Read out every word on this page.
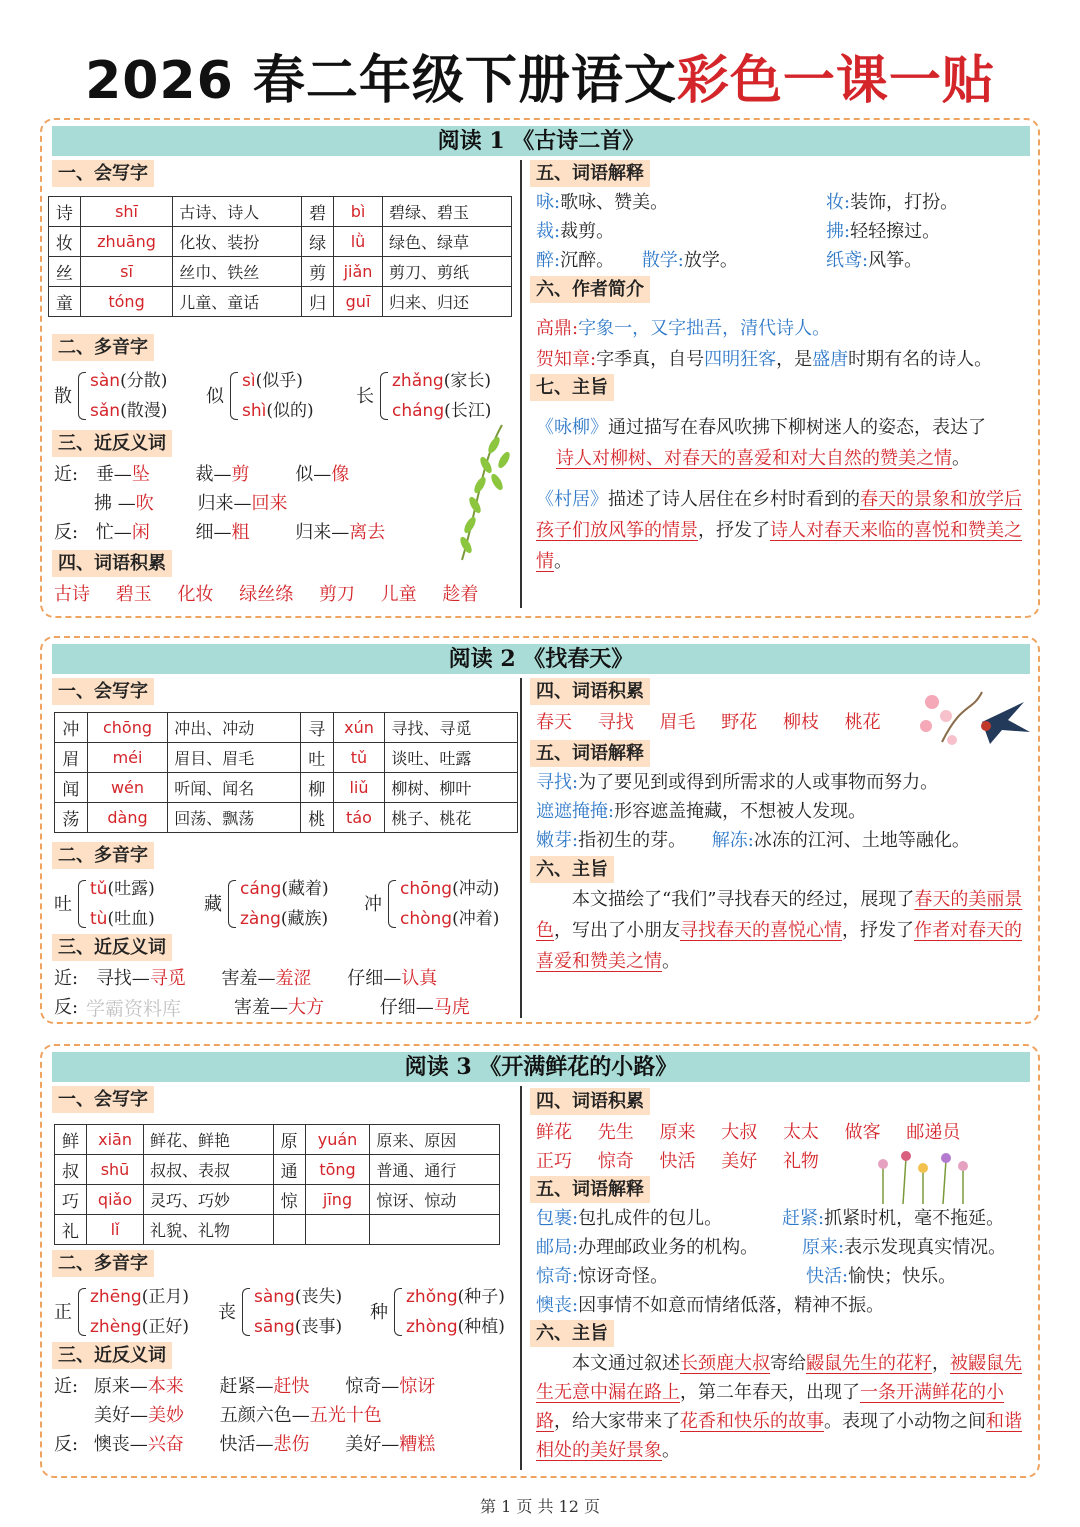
2026 春二年级下册语文彩色一课一贴
阅读 1 《古诗二首》
一、会写字
诗	shī	古诗、诗人	碧	bì	碧绿、碧玉
妆	zhuāng	化妆、装扮	绿	lǜ	绿色、绿草
丝	sī	丝巾、铁丝	剪	jiǎn	剪刀、剪纸
童	tóng	儿童、童话	归	guī	归来、归还
二、多音字
三、近反义词
近: 垂—坠	裁—剪	似—像
拂 —吹 归来—回来
反: 忙—闲	细—粗	归来—离去
四、词语积累
古诗 碧玉 化妆 绿丝绦 剪刀 儿童 趁着
五、词语解释
咏:歌咏、赞美。	妆:装饰，打扮。
裁:裁剪。	拂:轻轻擦过。
醉:沉醉。 散学:放学。	纸鸢:风筝。
六、作者简介
高鼎:字象一，又字拙吾，清代诗人。
贺知章:字季真，自号四明狂客，是盛唐时期有名的诗人。
七、主旨
《咏柳》通过描写在春风吹拂下柳树迷人的姿态，表达了
诗人对柳树、对春天的喜爱和对大自然的赞美之情。
《村居》描述了诗人居住在乡村时看到的春天的景象和放学后孩子们放风筝的情景，抒发了诗人对春天来临的喜悦和赞美之情。
散
sàn(分散)
sǎn(散漫)
似
sì(似乎)
shì(似的)
长
zhǎng(家长)
cháng(长江)
阅读 2 《找春天》
一、会写字
冲	chōng	冲出、冲动	寻	xún	寻找、寻觅
眉	méi	眉目、眉毛	吐	tǔ	谈吐、吐露
闻	wén	听闻、闻名	柳	liǔ	柳树、柳叶
荡	dàng	回荡、飘荡	桃	táo	桃子、桃花
二、多音字
三、近反义词
近: 寻找—寻觅 害羞—羞涩 仔细—认真
反:	害羞—大方	仔细—马虎
学霸资料库
四、词语积累
春天 寻找 眉毛 野花 柳枝 桃花
五、词语解释
寻找:为了要见到或得到所需求的人或事物而努力。
遮遮掩掩:形容遮盖掩藏，不想被人发现。
嫩芽:指初生的芽。 解冻:冰冻的江河、土地等融化。
六、主旨
本文描绘了“我们”寻找春天的经过，展现了春天的美丽景色，写出了小朋友寻找春天的喜悦心情，抒发了作者对春天的喜爱和赞美之情。
吐
tǔ(吐露)
tù(吐血)
藏
cáng(藏着)
zàng(藏族)
冲
chōng(冲动)
chòng(冲着)
阅读 3 《开满鲜花的小路》
一、会写字
鲜	xiān	鲜花、鲜艳	原	yuán	原来、原因
叔	shū	叔叔、表叔	通	tōng	普通、通行
巧	qiǎo	灵巧、巧妙	惊	jīng	惊讶、惊动
礼	lǐ	礼貌、礼物			
二、多音字
三、近反义词
近: 原来—本来 赶紧—赶快 惊奇—惊讶
美好—美妙 五颜六色—五光十色
反: 懊丧—兴奋 快活—悲伤 美好—糟糕
四、词语积累
鲜花 先生 原来 大叔 太太 做客 邮递员
正巧 惊奇 快活 美好 礼物
五、词语解释
包裹:包扎成件的包儿。	赶紧:抓紧时机，毫不拖延。
邮局:办理邮政业务的机构。 原来:表示发现真实情况。
惊奇:惊讶奇怪。	快活:愉快；快乐。
懊丧:因事情不如意而情绪低落，精神不振。
六、主旨
本文通过叙述长颈鹿大叔寄给鼹鼠先生的花籽，被鼹鼠先生无意中漏在路上，第二年春天，出现了一条开满鲜花的小路，给大家带来了花香和快乐的故事。表现了小动物之间和谐相处的美好景象。
正
zhēng(正月)
zhèng(正好)
丧
sàng(丧失)
sāng(丧事)
种
zhǒng(种子)
zhòng(种植)
第 1 页 共 12 页
